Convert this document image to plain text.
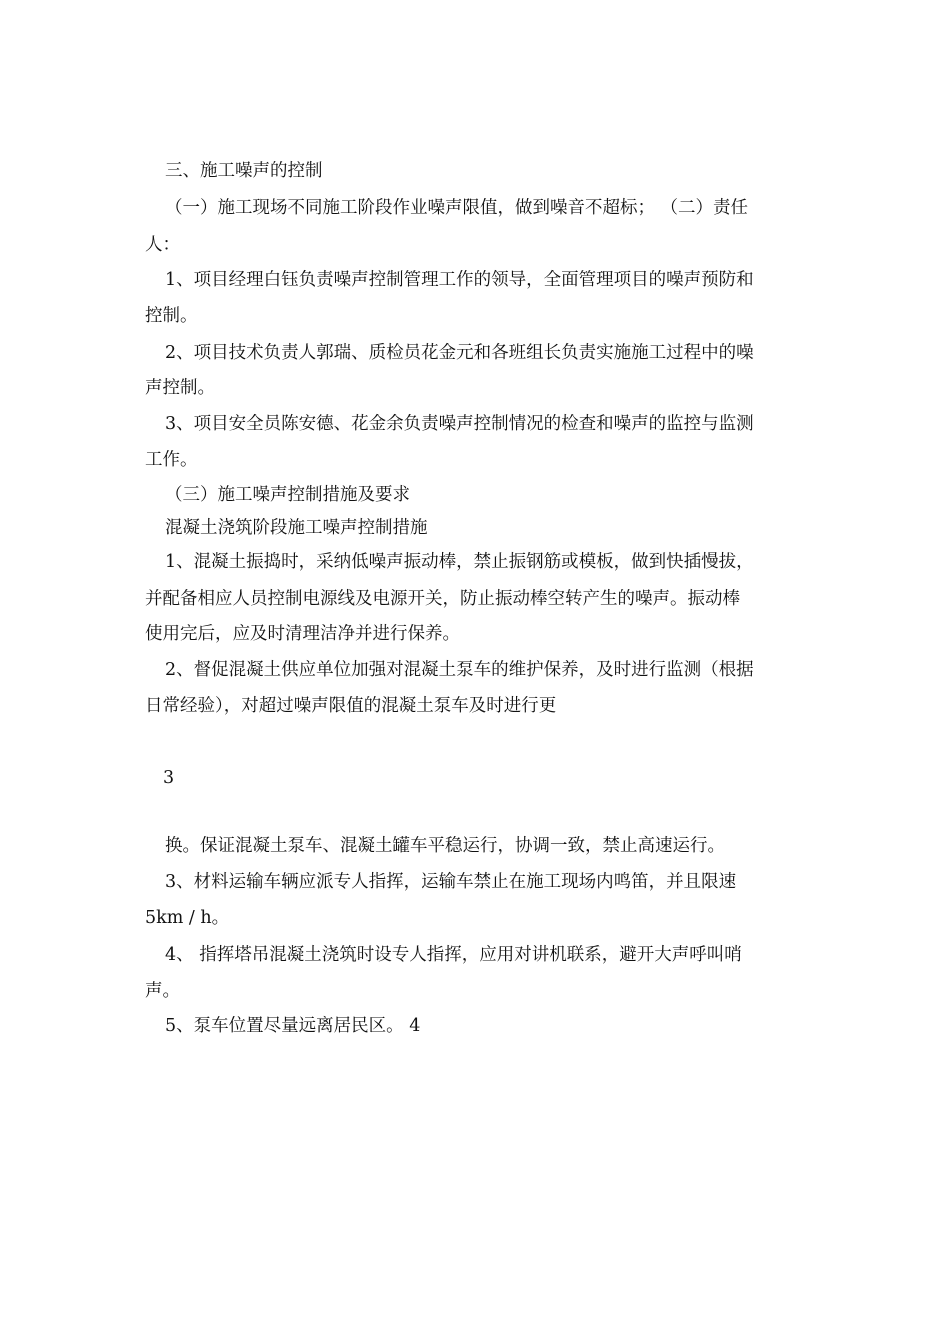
三、施工噪声的控制
（一）施工现场不同施工阶段作业噪声限值，做到噪音不超标； （二）责任
人：
1、项目经理白钰负责噪声控制管理工作的领导，全面管理项目的噪声预防和
控制。
2、项目技术负责人郭瑞、质检员花金元和各班组长负责实施施工过程中的噪
声控制。
3、项目安全员陈安德、花金余负责噪声控制情况的检查和噪声的监控与监测
工作。
（三）施工噪声控制措施及要求
混凝土浇筑阶段施工噪声控制措施
1、混凝土振捣时，采纳低噪声振动棒，禁止振钢筋或模板，做到快插慢拔，
并配备相应人员控制电源线及电源开关，防止振动棒空转产生的噪声。振动棒
使用完后，应及时清理洁净并进行保养。
2、督促混凝土供应单位加强对混凝土泵车的维护保养，及时进行监测（根据
日常经验），对超过噪声限值的混凝土泵车及时进行更
3
换。保证混凝土泵车、混凝土罐车平稳运行，协调一致，禁止高速运行。
3、材料运输车辆应派专人指挥，运输车禁止在施工现场内鸣笛，并且限速
5km / h。
4、 指挥塔吊混凝土浇筑时设专人指挥，应用对讲机联系，避开大声呼叫哨
声。
5、泵车位置尽量远离居民区。 4
